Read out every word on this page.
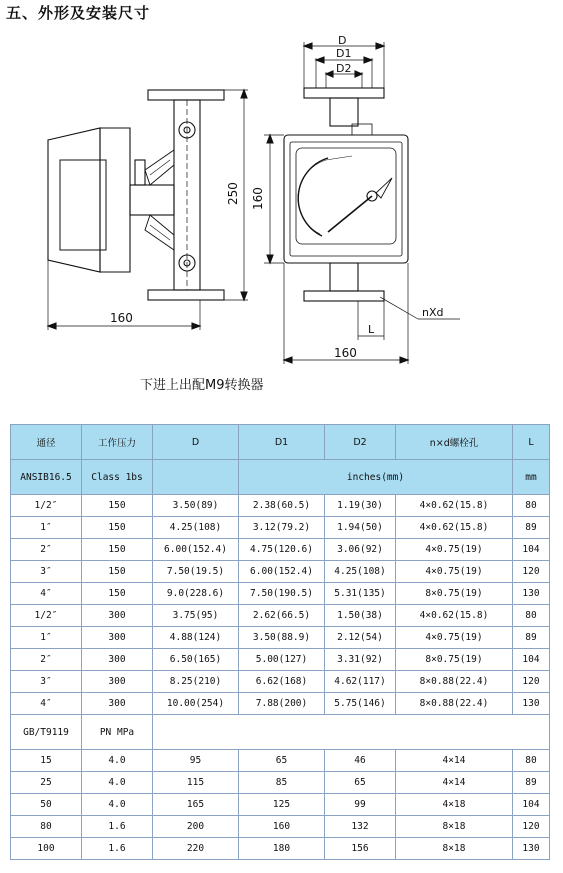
五、外形及安装尺寸
250
160
D
D1
D2
160
L
nXd
160
下进上出配M9转换器
通径	工作压力	D	D1	D2	n×d螺栓孔	L
ANSIB16.5	Class 1bs		inches(mm)			mm
1/2″	150	3.50(89)	2.38(60.5)	1.19(30)	4×0.62(15.8)	80
1″	150	4.25(108)	3.12(79.2)	1.94(50)	4×0.62(15.8)	89
2″	150	6.00(152.4)	4.75(120.6)	3.06(92)	4×0.75(19)	104
3″	150	7.50(19.5)	6.00(152.4)	4.25(108)	4×0.75(19)	120
4″	150	9.0(228.6)	7.50(190.5)	5.31(135)	8×0.75(19)	130
1/2″	300	3.75(95)	2.62(66.5)	1.50(38)	4×0.62(15.8)	80
1″	300	4.88(124)	3.50(88.9)	2.12(54)	4×0.75(19)	89
2″	300	6.50(165)	5.00(127)	3.31(92)	8×0.75(19)	104
3″	300	8.25(210)	6.62(168)	4.62(117)	8×0.88(22.4)	120
4″	300	10.00(254)	7.88(200)	5.75(146)	8×0.88(22.4)	130
GB/T9119	PN MPa					
15	4.0	95	65	46	4×14	80
25	4.0	115	85	65	4×14	89
50	4.0	165	125	99	4×18	104
80	1.6	200	160	132	8×18	120
100	1.6	220	180	156	8×18	130
